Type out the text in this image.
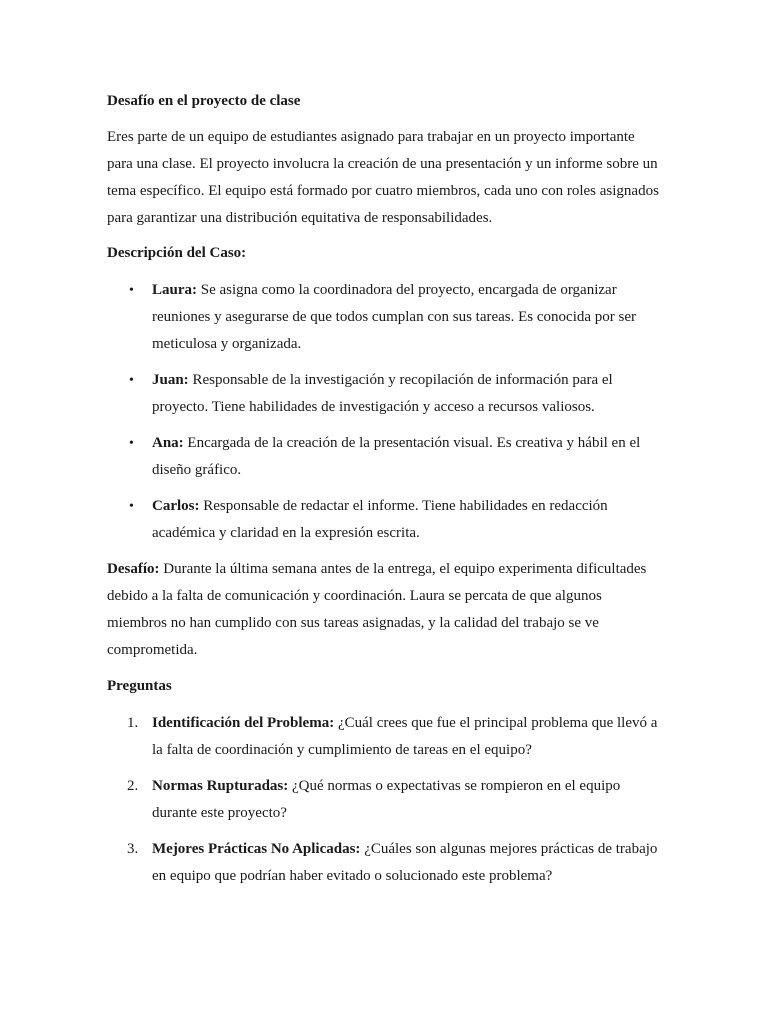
Desafío en el proyecto de clase

Eres parte de un equipo de estudiantes asignado para trabajar en un proyecto importante para una clase. El proyecto involucra la creación de una presentación y un informe sobre un tema específico. El equipo está formado por cuatro miembros, cada uno con roles asignados para garantizar una distribución equitativa de responsabilidades.

Descripción del Caso:

• Laura: Se asigna como la coordinadora del proyecto, encargada de organizar reuniones y asegurarse de que todos cumplan con sus tareas. Es conocida por ser meticulosa y organizada.
• Juan: Responsable de la investigación y recopilación de información para el proyecto. Tiene habilidades de investigación y acceso a recursos valiosos.
• Ana: Encargada de la creación de la presentación visual. Es creativa y hábil en el diseño gráfico.
• Carlos: Responsable de redactar el informe. Tiene habilidades en redacción académica y claridad en la expresión escrita.

Desafío: Durante la última semana antes de la entrega, el equipo experimenta dificultades debido a la falta de comunicación y coordinación. Laura se percata de que algunos miembros no han cumplido con sus tareas asignadas, y la calidad del trabajo se ve comprometida.

Preguntas

1. Identificación del Problema: ¿Cuál crees que fue el principal problema que llevó a la falta de coordinación y cumplimiento de tareas en el equipo?
2. Normas Rupturadas: ¿Qué normas o expectativas se rompieron en el equipo durante este proyecto?
3. Mejores Prácticas No Aplicadas: ¿Cuáles son algunas mejores prácticas de trabajo en equipo que podrían haber evitado o solucionado este problema?
